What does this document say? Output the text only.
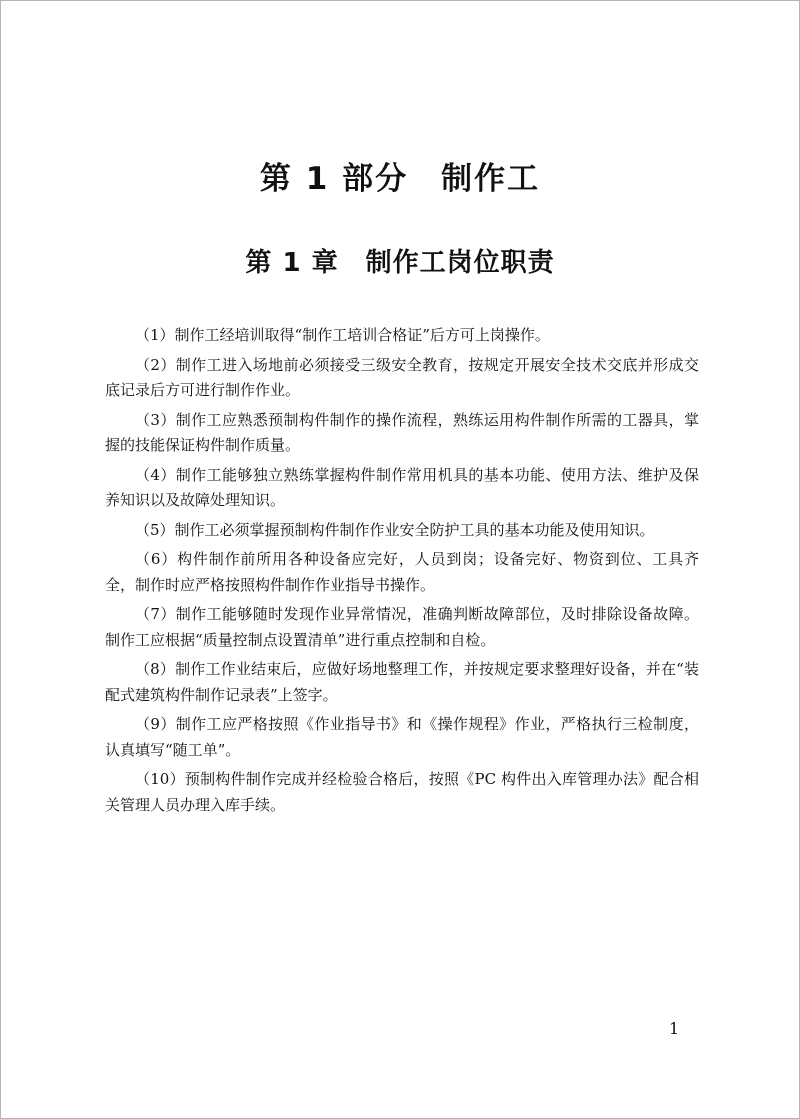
第 1 部分　制作工
第 1 章　制作工岗位职责

（1）制作工经培训取得“制作工培训合格证”后方可上岗操作。

（2）制作工进入场地前必须接受三级安全教育，按规定开展安全技术交底并形成交底记录后方可进行制作作业。

（3）制作工应熟悉预制构件制作的操作流程，熟练运用构件制作所需的工器具，掌握的技能保证构件制作质量。

（4）制作工能够独立熟练掌握构件制作常用机具的基本功能、使用方法、维护及保养知识以及故障处理知识。

（5）制作工必须掌握预制构件制作作业安全防护工具的基本功能及使用知识。

（6）构件制作前所用各种设备应完好，人员到岗；设备完好、物资到位、工具齐全，制作时应严格按照构件制作作业指导书操作。

（7）制作工能够随时发现作业异常情况，准确判断故障部位，及时排除设备故障。制作工应根据“质量控制点设置清单”进行重点控制和自检。

（8）制作工作业结束后，应做好场地整理工作，并按规定要求整理好设备，并在“装配式建筑构件制作记录表”上签字。

（9）制作工应严格按照《作业指导书》和《操作规程》作业，严格执行三检制度，认真填写“随工单”。

（10）预制构件制作完成并经检验合格后，按照《PC 构件出入库管理办法》配合相关管理人员办理入库手续。

1
